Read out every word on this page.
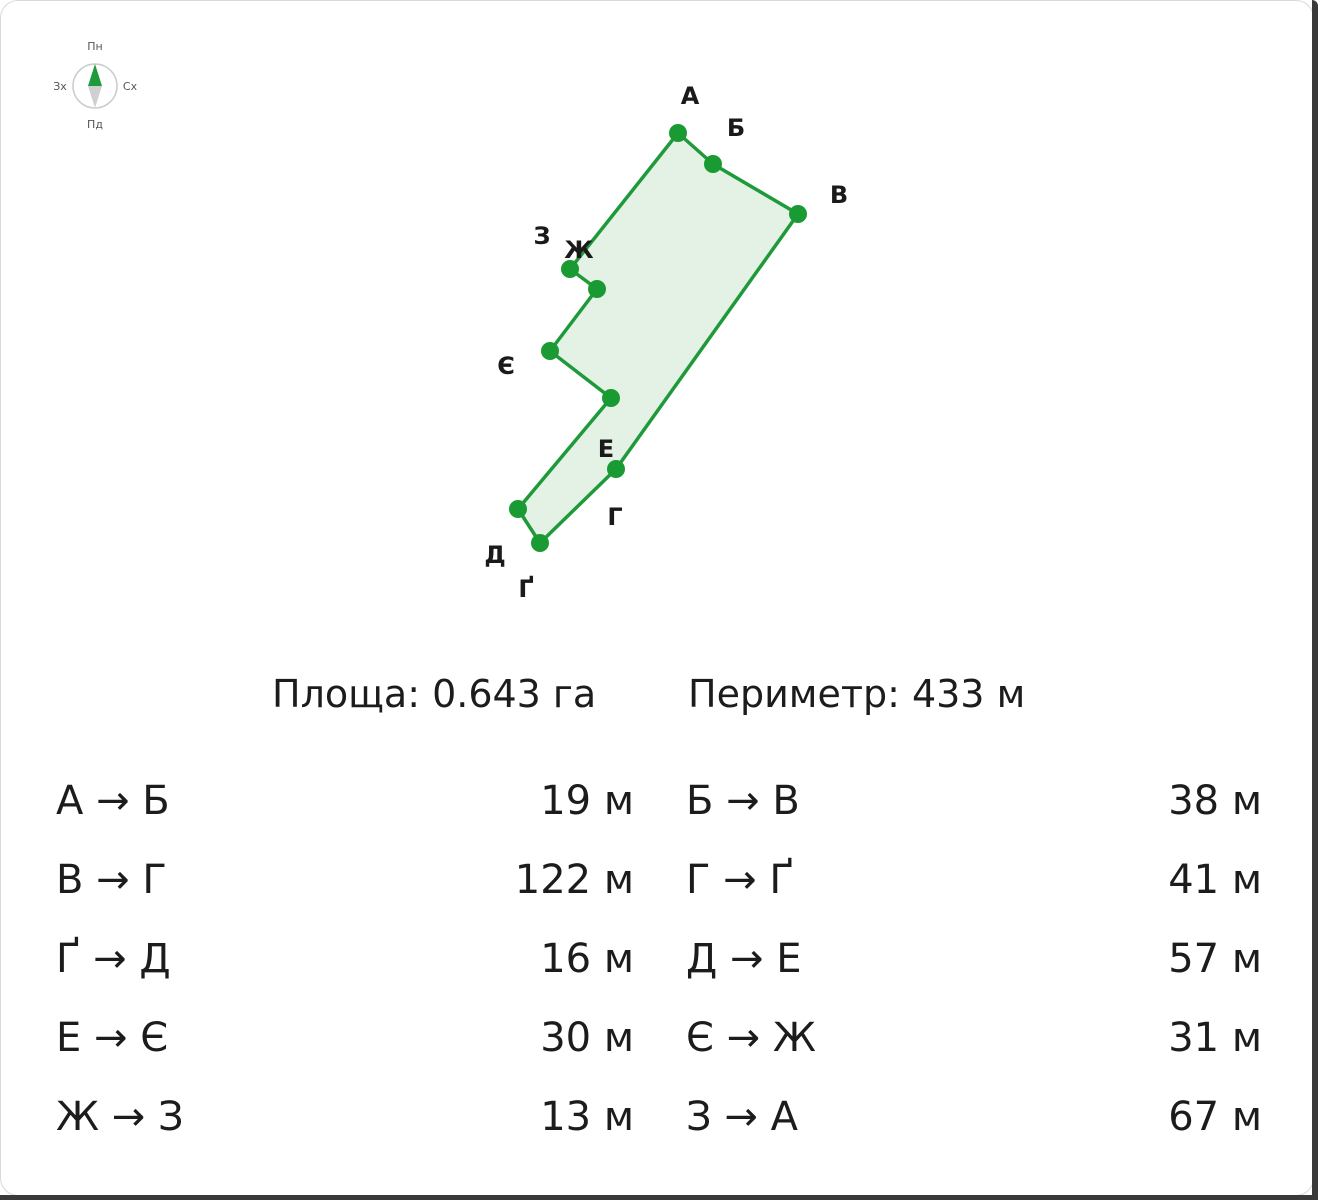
Пн
Пд
Зх	Сх	А
Б
В
Г
Ґ
Д
Е
Є
Ж
З
Площа: 0.643 га Периметр: 433 м
А → Б	19 м Б → В	38 м
В → Г	122 м Г → Ґ	41 м
Ґ → Д	16 м Д → Е	57 м
Е → Є	30 м Є → Ж	31 м
Ж → З	13 м З → А	67 м
